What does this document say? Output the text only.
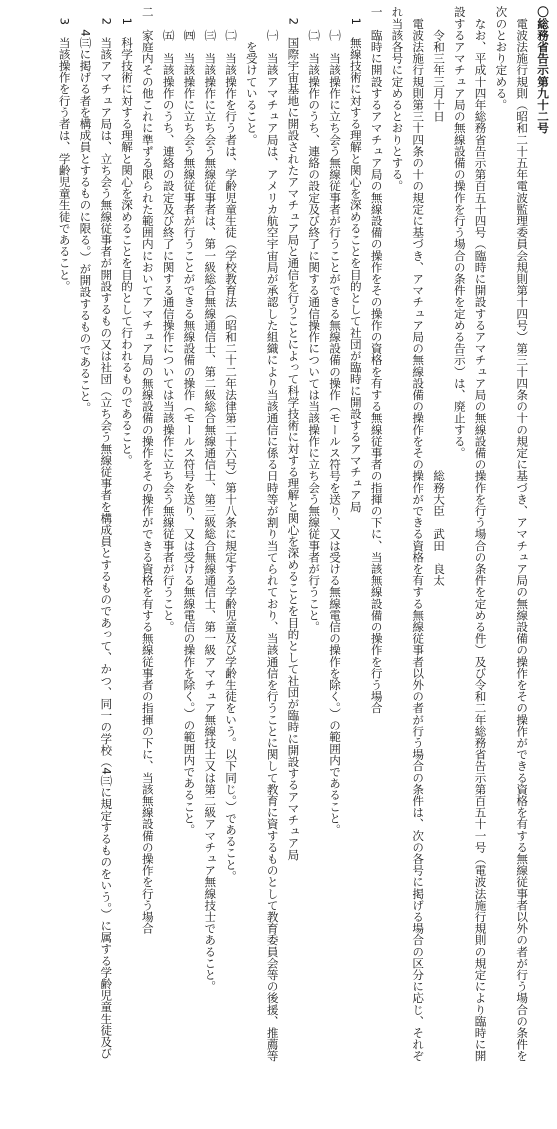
〇総務省告示第九十二号
　電波法施行規則（昭和二十五年電波監理委員会規則第十四号）第三十四条の十の規定に基づき、アマチュア局の無線設備の操作をその操作ができる資格を有する無線従事者以外の者が行う場合の条件を
次のとおり定める。
　なお、平成十四年総務省告示第百五十四号（臨時に開設するアマチュア局の無線設備の操作を行う場合の条件を定める件）及び令和二年総務省告示第百五十一号（電波法施行規則の規定により臨時に開
設するアマチュア局の無線設備の操作を行う場合の条件を定める告示）は、廃止する。
　　令和三年三月十日　　　　　　　　　　　　　　　　　　　　　　　　　　　　　　総務大臣　武田　良太
　電波法施行規則第三十四条の十の規定に基づき、アマチュア局の無線設備の操作をその操作ができる資格を有する無線従事者以外の者が行う場合の条件は、次の各号に掲げる場合の区分に応じ、それぞ
れ当該各号に定めるとおりとする。
一　臨時に開設するアマチュア局の無線設備の操作をその操作の資格を有する無線従事者の指揮の下に、当該無線設備の操作を行う場合
　1　無線技術に対する理解と関心を深めることを目的として社団が臨時に開設するアマチュア局
　　㈠　当該操作に立ち会う無線従事者が行うことができる無線設備の操作（モールス符号を送り、又は受ける無線電信の操作を除く。）の範囲内であること。
　　㈡　当該操作のうち、連絡の設定及び終了に関する通信操作については当該操作に立ち会う無線従事者が行うこと。
　2　国際宇宙基地に開設されたアマチュア局と通信を行うことによって科学技術に対する理解と関心を深めることを目的として社団が臨時に開設するアマチュア局
　　㈠　当該アマチュア局は、アメリカ航空宇宙局が承認した組織により当該通信に係る日時等が割り当てられており、当該通信を行うことに関して教育に資するものとして教育委員会等の後援、推薦等
　　　を受けていること。
　　㈡　当該操作を行う者は、学齢児童生徒（学校教育法（昭和二十二年法律第二十六号）第十八条に規定する学齢児童及び学齢生徒をいう。以下同じ。）であること。
　　㈢　当該操作に立ち会う無線従事者は、第一級総合無線通信士、第二級総合無線通信士、第三級総合無線通信士、第一級アマチュア無線技士又は第二級アマチュア無線技士であること。
　　㈣　当該操作に立ち会う無線従事者が行うことができる無線設備の操作（モールス符号を送り、又は受ける無線電信の操作を除く。）の範囲内であること。
　　㈤　当該操作のうち、連絡の設定及び終了に関する通信操作については当該操作に立ち会う無線従事者が行うこと。
二　家庭内その他これに準ずる限られた範囲内においてアマチュア局の無線設備の操作をその操作ができる資格を有する無線従事者の指揮の下に、当該無線設備の操作を行う場合
　1　科学技術に対する理解と関心を深めることを目的として行われるものであること。
　2　当該アマチュア局は、立ち会う無線従事者が開設するもの又は社団（立ち会う無線従事者を構成員とするものであって、かつ、同一の学校（4㈢に規定するものをいう。）に属する学齢児童生徒及び
　　4㈢に掲げる者を構成員とするものに限る。）が開設するものであること。
　3　当該操作を行う者は、学齢児童生徒であること。
